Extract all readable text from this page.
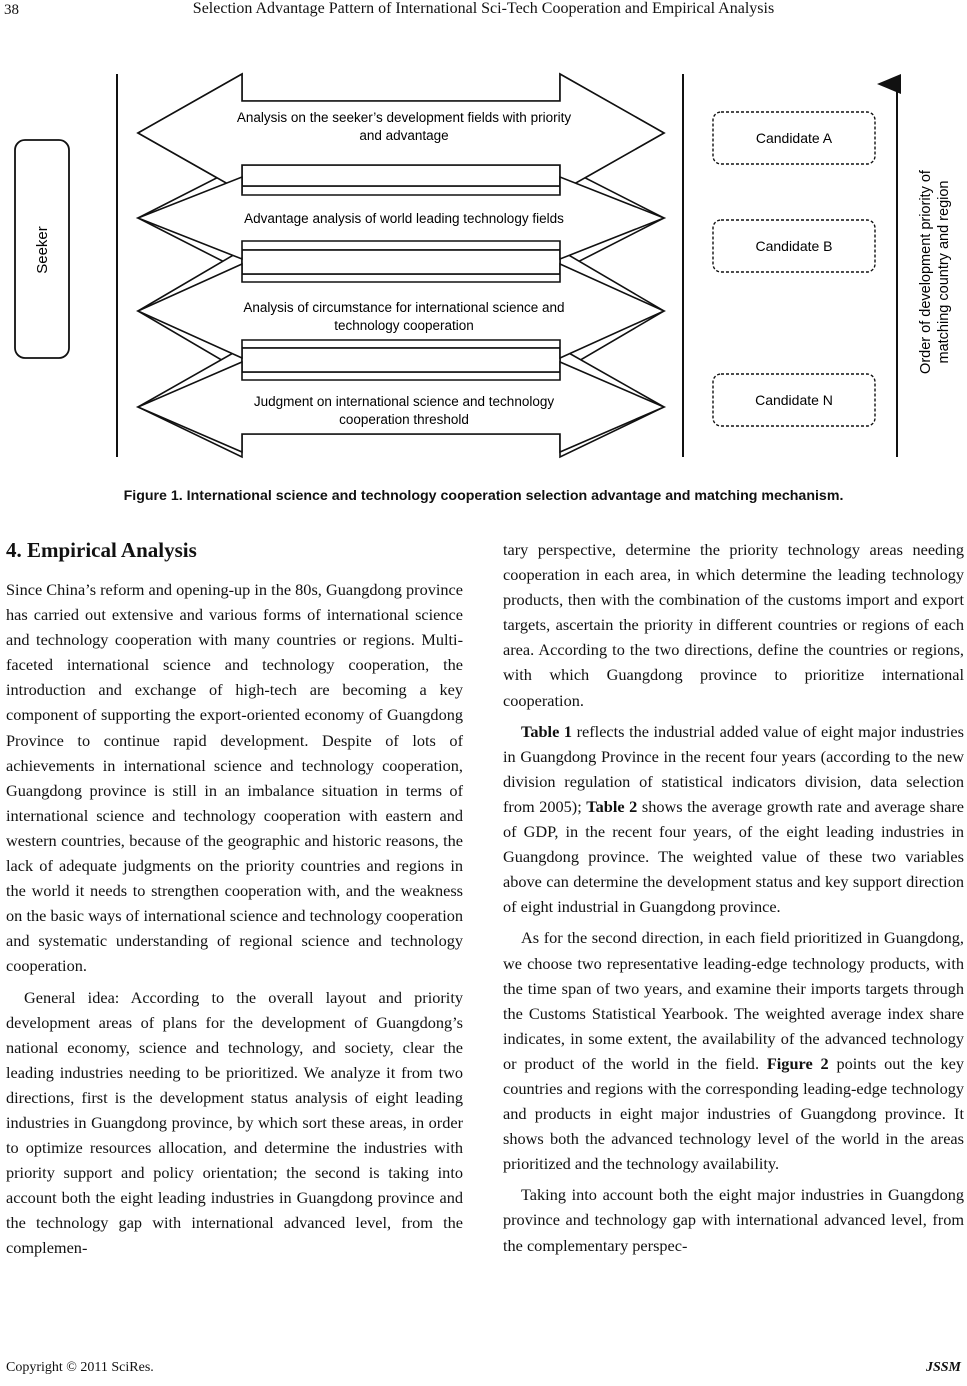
38	Selection Advantage Pattern of International Sci-Tech Cooperation and Empirical Analysis
Seeker
Analysis on the seeker’s development fields with priority
and advantage
Advantage analysis of world leading technology fields
Analysis of circumstance for international science and
technology cooperation
Judgment on international science and technology
cooperation threshold
Candidate A
Candidate B
Candidate N
Order of development priority of matching country and region
Figure 1. International science and technology cooperation selection advantage and matching mechanism.
4. Empirical Analysis

Since China’s reform and opening-up in the 80s, Guangdong province has carried out extensive and various forms of international science and technology cooperation with many countries or regions. Multi-faceted international science and technology cooperation, the introduction and exchange of high-tech are becoming a key component of supporting the export-oriented economy of Guangdong Province to continue rapid development. Despite of lots of achievements in international science and technology cooperation, Guangdong province is still in an imbalance situation in terms of international science and technology cooperation with eastern and western countries, because of the geographic and historic reasons, the lack of adequate judgments on the priority countries and regions in the world it needs to strengthen cooperation with, and the weakness on the basic ways of international science and technology cooperation and systematic understanding of regional science and technology cooperation.

General idea: According to the overall layout and priority development areas of plans for the development of Guangdong’s national economy, science and technology, and society, clear the leading industries needing to be prioritized. We analyze it from two directions, first is the development status analysis of eight leading industries in Guangdong province, by which sort these areas, in order to optimize resources allocation, and determine the industries with priority support and policy orientation; the second is taking into account both the eight leading industries in Guangdong province and the technology gap with international advanced level, from the complemen-

tary perspective, determine the priority technology areas needing cooperation in each area, in which determine the leading technology products, then with the combination of the customs import and export targets, ascertain the priority in different countries or regions of each area. According to the two directions, define the countries or regions, with which Guangdong province to prioritize international cooperation.

Table 1 reflects the industrial added value of eight major industries in Guangdong Province in the recent four years (according to the new division regulation of statistical indicators division, data selection from 2005); Table 2 shows the average growth rate and average share of GDP, in the recent four years, of the eight leading industries in Guangdong province. The weighted value of these two variables above can determine the development status and key support direction of eight industrial in Guangdong province.

As for the second direction, in each field prioritized in Guangdong, we choose two representative leading-edge technology products, with the time span of two years, and examine their imports targets through the Customs Statistical Yearbook. The weighted average index share indicates, in some extent, the availability of the advanced technology or product of the world in the field. Figure 2 points out the key countries and regions with the corresponding leading-edge technology and products in eight major industries of Guangdong province. It shows both the advanced technology level of the world in the areas prioritized and the technology availability.

Taking into account both the eight major industries in Guangdong province and technology gap with international advanced level, from the complementary perspec-

Copyright © 2011 SciRes.	JSSM
